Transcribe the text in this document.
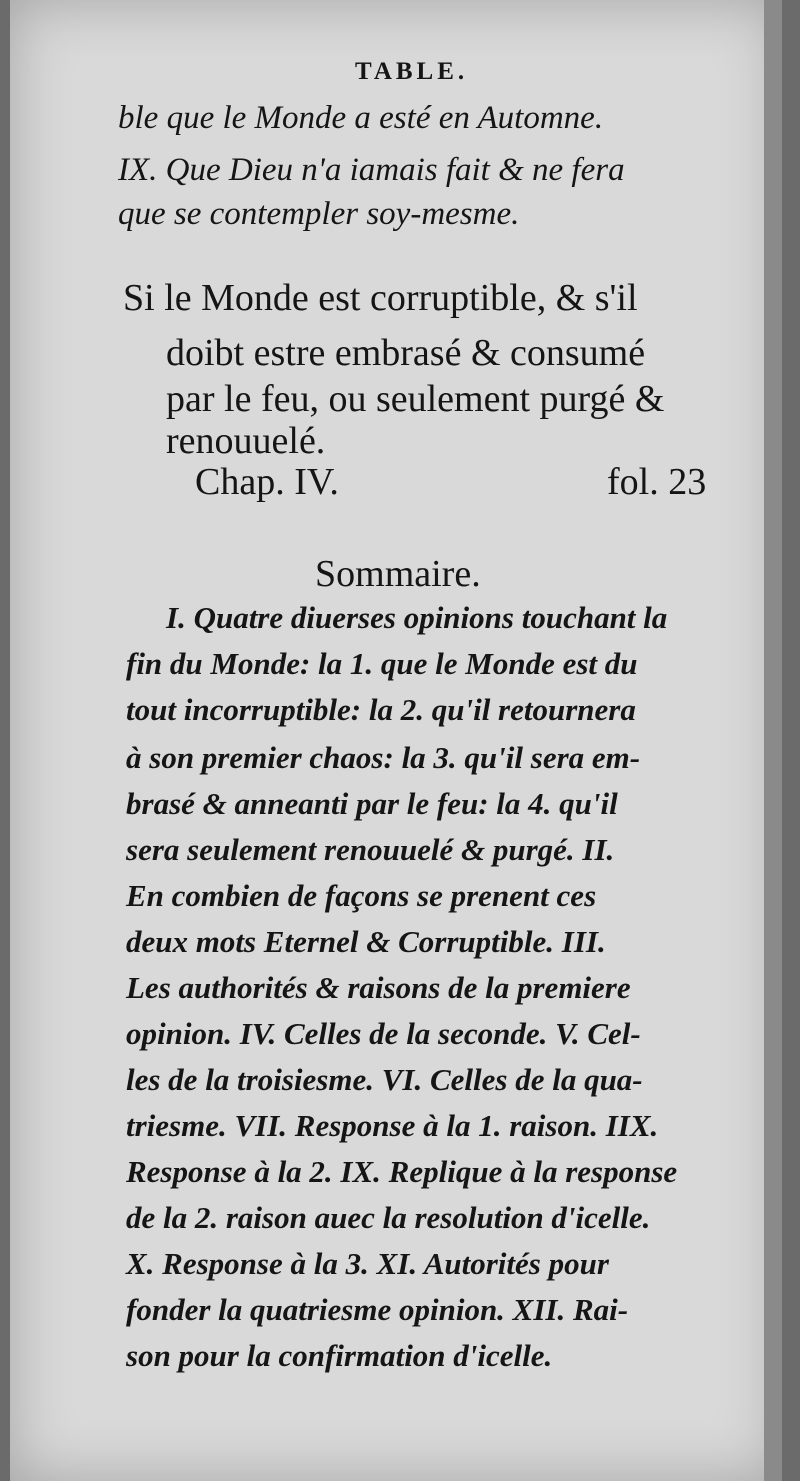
TABLE.
ble que le Monde a esté en Automne.
IX. Que Dieu n'a iamais fait & ne fera
que se contempler soy-mesme.
Si le Monde est corruptible, & s'il
doibt estre embrasé & consumé
par le feu, ou seulement purgé &
renouuelé.
Chap. IV.	fol. 23
Sommaire.
I. Quatre diuerses opinions touchant la
fin du Monde: la 1. que le Monde est du
tout incorruptible: la 2. qu'il retournera
à son premier chaos: la 3. qu'il sera em-
brasé & anneanti par le feu: la 4. qu'il
sera seulement renouuelé & purgé. II.
En combien de façons se prenent ces
deux mots Eternel & Corruptible. III.
Les authorités & raisons de la premiere
opinion. IV. Celles de la seconde. V. Cel-
les de la troisiesme. VI. Celles de la qua-
triesme. VII. Response à la 1. raison. IIX.
Response à la 2. IX. Replique à la response
de la 2. raison auec la resolution d'icelle.
X. Response à la 3. XI. Autorités pour
fonder la quatriesme opinion. XII. Rai-
son pour la confirmation d'icelle.
